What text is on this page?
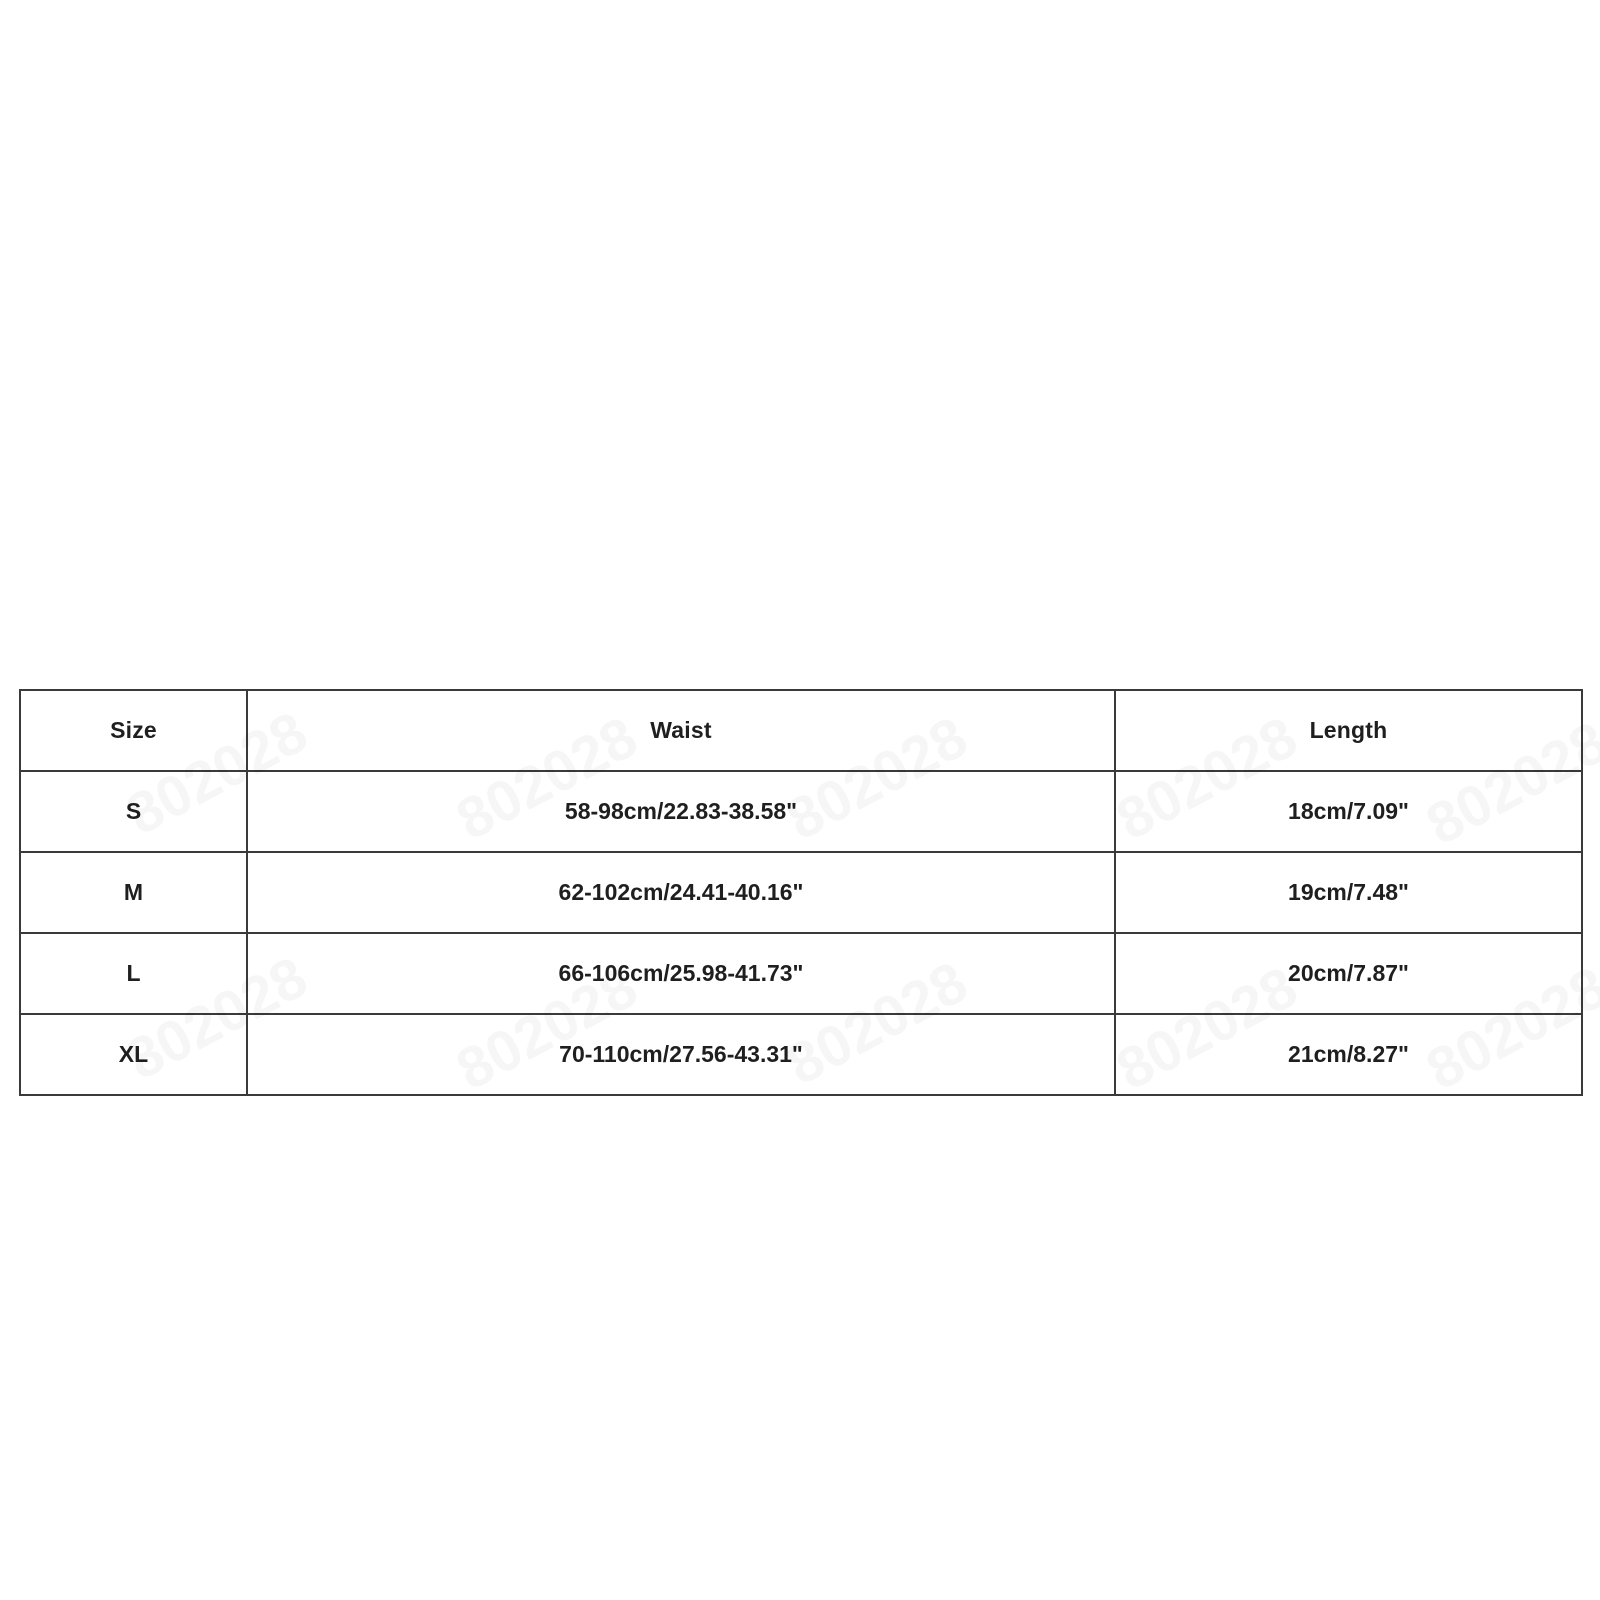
Size	Waist	Length
S	58-98cm/22.83-38.58"	18cm/7.09"
M	62-102cm/24.41-40.16"	19cm/7.48"
L	66-106cm/25.98-41.73"	20cm/7.87"
XL	70-110cm/27.56-43.31"	21cm/8.27"
